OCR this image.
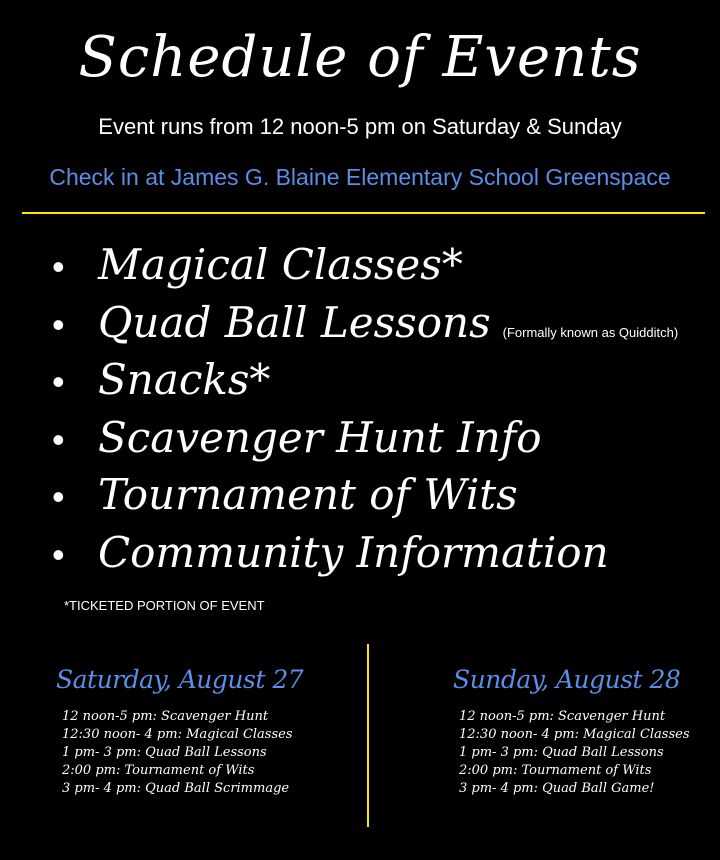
Schedule of Events
Event runs from 12 noon-5 pm on Saturday & Sunday
Check in at James G. Blaine Elementary School Greenspace
• Magical Classes*
• Quad Ball Lessons (Formally known as Quidditch)
• Snacks*
• Scavenger Hunt Info
• Tournament of Wits
• Community Information
*TICKETED PORTION OF EVENT
Saturday, August 27
12 noon-5 pm: Scavenger Hunt
12:30 noon- 4 pm: Magical Classes
1 pm- 3 pm: Quad Ball Lessons
2:00 pm: Tournament of Wits
3 pm- 4 pm: Quad Ball Scrimmage
Sunday, August 28
12 noon-5 pm: Scavenger Hunt
12:30 noon- 4 pm: Magical Classes
1 pm- 3 pm: Quad Ball Lessons
2:00 pm: Tournament of Wits
3 pm- 4 pm: Quad Ball Game!
